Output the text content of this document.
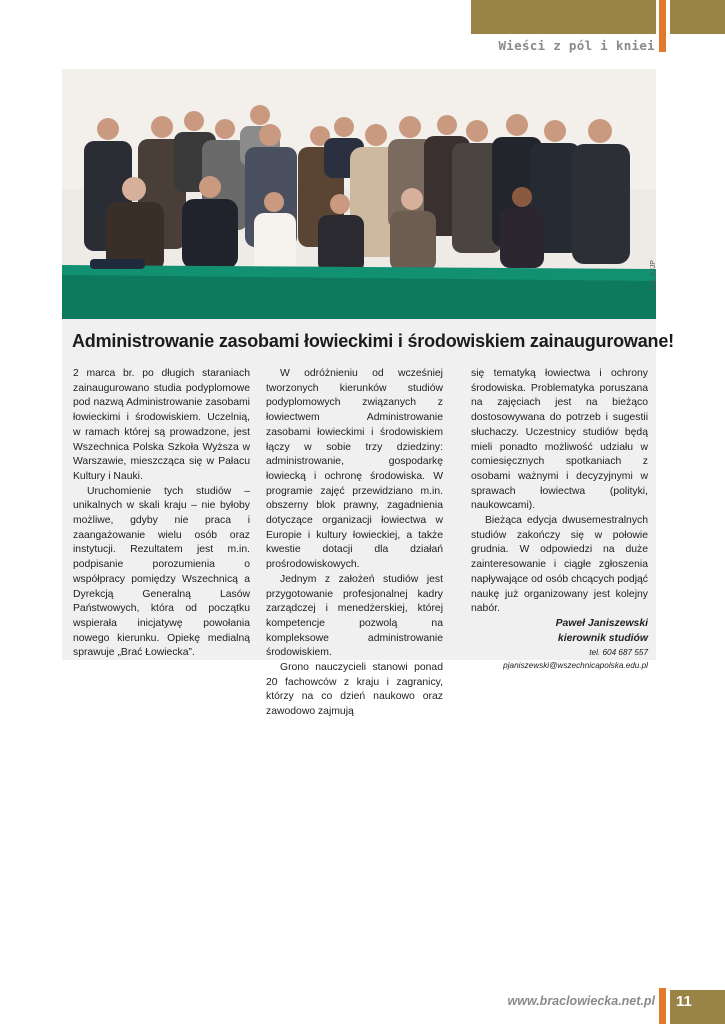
Wieści z pól i kniei
Fot. AJJP
Administrowanie zasobami łowieckimi i środowiskiem zainaugurowane!

2 marca br. po długich staraniach zainaugurowano studia podyplomowe pod nazwą Administrowanie zasobami łowieckimi i środowiskiem. Uczelnią, w ramach której są prowadzone, jest Wszechnica Polska Szkoła Wyższa w Warszawie, mieszcząca się w Pałacu Kultury i Nauki.

Uruchomienie tych studiów – unikalnych w skali kraju – nie byłoby możliwe, gdyby nie praca i zaangażowanie wielu osób oraz instytucji. Rezultatem jest m.in. podpisanie porozumienia o współpracy pomiędzy Wszechnicą a Dyrekcją Generalną Lasów Państwowych, która od początku wspierała inicjatywę powołania nowego kierunku. Opiekę medialną sprawuje „Brać Łowiecka”.

W odróżnieniu od wcześniej tworzonych kierunków studiów podyplomowych związanych z łowiectwem Administrowanie zasobami łowieckimi i środowiskiem łączy w sobie trzy dziedziny: administrowanie, gospodarkę łowiecką i ochronę środowiska. W programie zajęć przewidziano m.in. obszerny blok prawny, zagadnienia dotyczące organizacji łowiectwa w Europie i kultury łowieckiej, a także kwestie dotacji dla działań prośrodowiskowych.

Jednym z założeń studiów jest przygotowanie profesjonalnej kadry zarządczej i menedżerskiej, której kompetencje pozwolą na kompleksowe administrowanie środowiskiem.

Grono nauczycieli stanowi ponad 20 fachowców z kraju i zagranicy, którzy na co dzień naukowo oraz zawodowo zajmują

się tematyką łowiectwa i ochrony środowiska. Problematyka poruszana na zajęciach jest na bieżąco dostosowywana do potrzeb i sugestii słuchaczy. Uczestnicy studiów będą mieli ponadto możliwość udziału w comiesięcznych spotkaniach z osobami ważnymi i decyzyjnymi w sprawach łowiectwa (polityki, naukowcami).

Bieżąca edycja dwusemestralnych studiów zakończy się w połowie grudnia. W odpowiedzi na duże zainteresowanie i ciągłe zgłoszenia napływające od osób chcących podjąć naukę już organizowany jest kolejny nabór.

Paweł Janiszewski
kierownik studiów
tel. 604 687 557
pjaniszewski@wszechnicapolska.edu.pl
www.braclowiecka.net.pl 11
